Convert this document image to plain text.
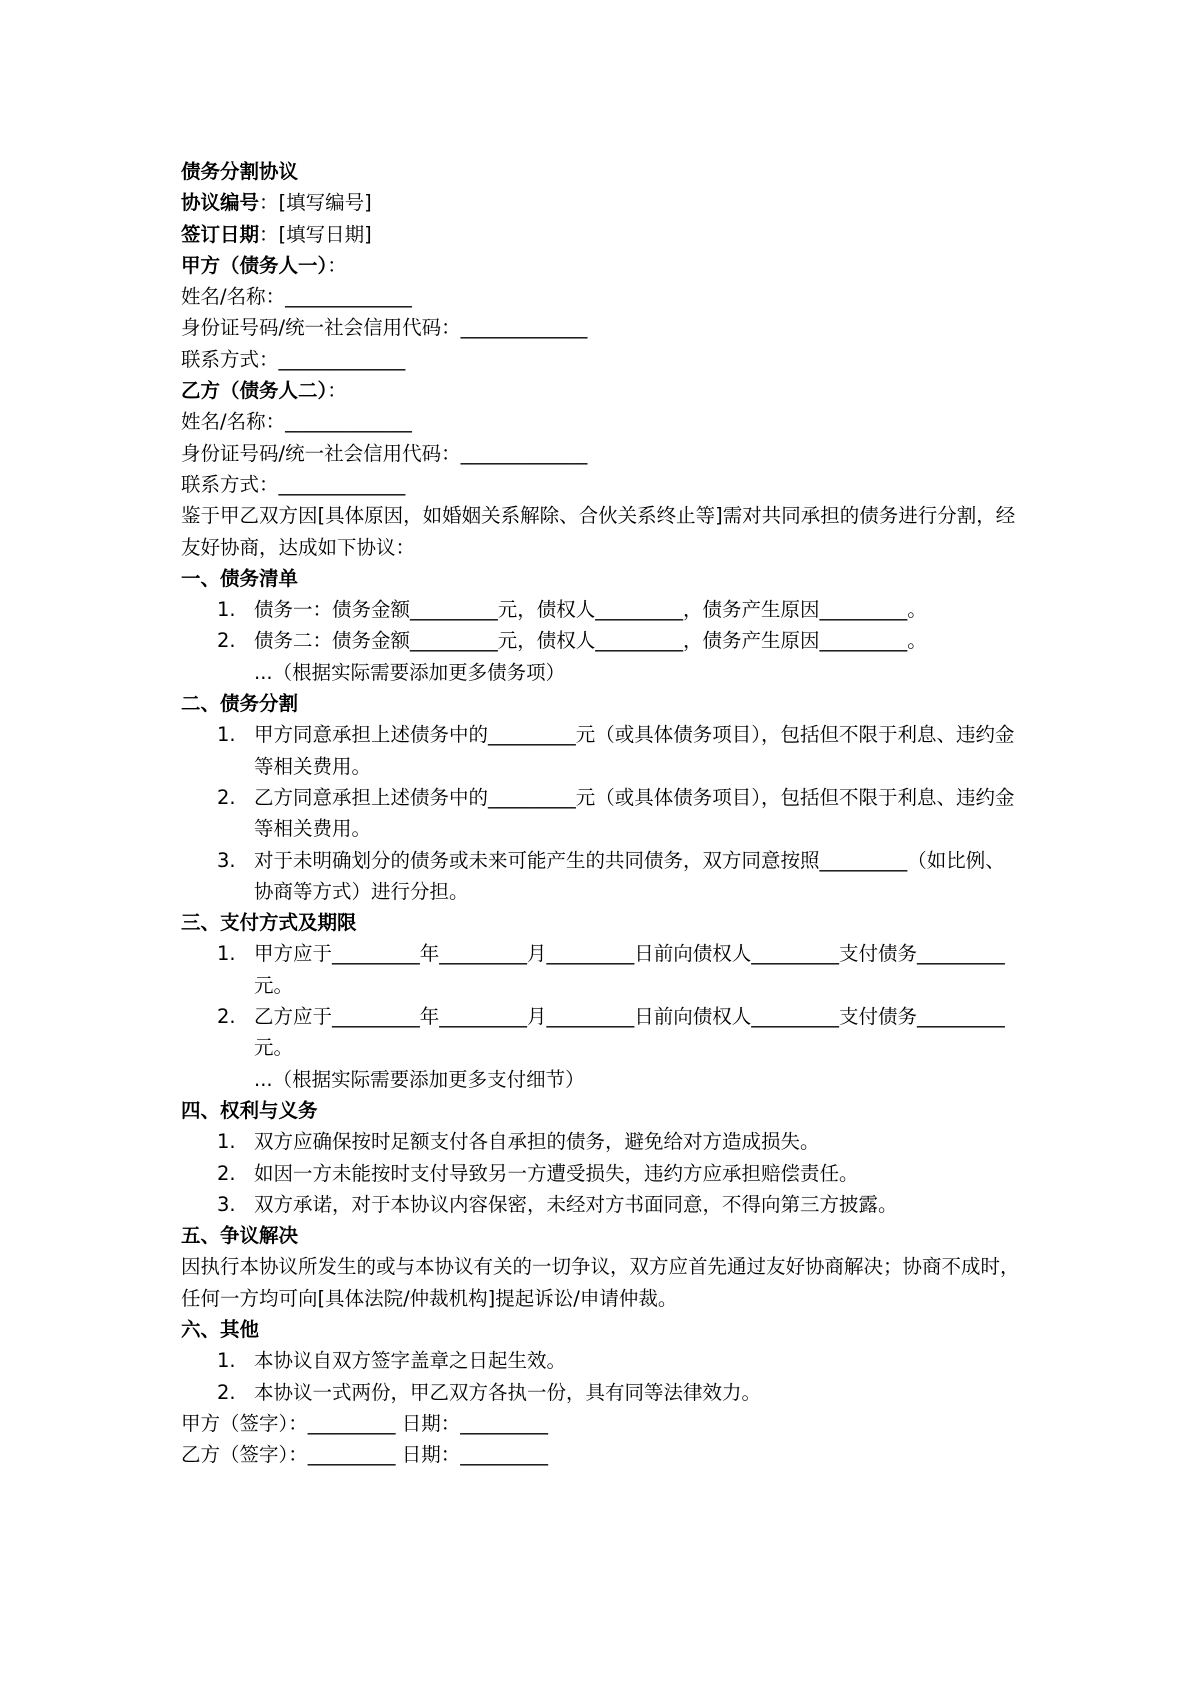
债务分割协议
协议编号：[填写编号]
签订日期：[填写日期]
甲方（债务人一）：
姓名/名称：_____________
身份证号码/统一社会信用代码：_____________
联系方式：_____________
乙方（债务人二）：
姓名/名称：_____________
身份证号码/统一社会信用代码：_____________
联系方式：_____________
鉴于甲乙双方因[具体原因，如婚姻关系解除、合伙关系终止等]需对共同承担的债务进行分割，经友好协商，达成如下协议：
一、债务清单
1. 债务一：债务金额_________元，债权人_________，债务产生原因_________。
2. 债务二：债务金额_________元，债权人_________，债务产生原因_________。
...（根据实际需要添加更多债务项）
二、债务分割
1. 甲方同意承担上述债务中的_________元（或具体债务项目），包括但不限于利息、违约金等相关费用。
2. 乙方同意承担上述债务中的_________元（或具体债务项目），包括但不限于利息、违约金等相关费用。
3. 对于未明确划分的债务或未来可能产生的共同债务，双方同意按照_________（如比例、协商等方式）进行分担。
三、支付方式及期限
1. 甲方应于_________年_________月_________日前向债权人_________支付债务_________元。
2. 乙方应于_________年_________月_________日前向债权人_________支付债务_________元。
...（根据实际需要添加更多支付细节）
四、权利与义务
1. 双方应确保按时足额支付各自承担的债务，避免给对方造成损失。
2. 如因一方未能按时支付导致另一方遭受损失，违约方应承担赔偿责任。
3. 双方承诺，对于本协议内容保密，未经对方书面同意，不得向第三方披露。
五、争议解决
因执行本协议所发生的或与本协议有关的一切争议，双方应首先通过友好协商解决；协商不成时，任何一方均可向[具体法院/仲裁机构]提起诉讼/申请仲裁。
六、其他
1. 本协议自双方签字盖章之日起生效。
2. 本协议一式两份，甲乙双方各执一份，具有同等法律效力。
甲方（签字）：_________ 日期：_________
乙方（签字）：_________ 日期：_________
